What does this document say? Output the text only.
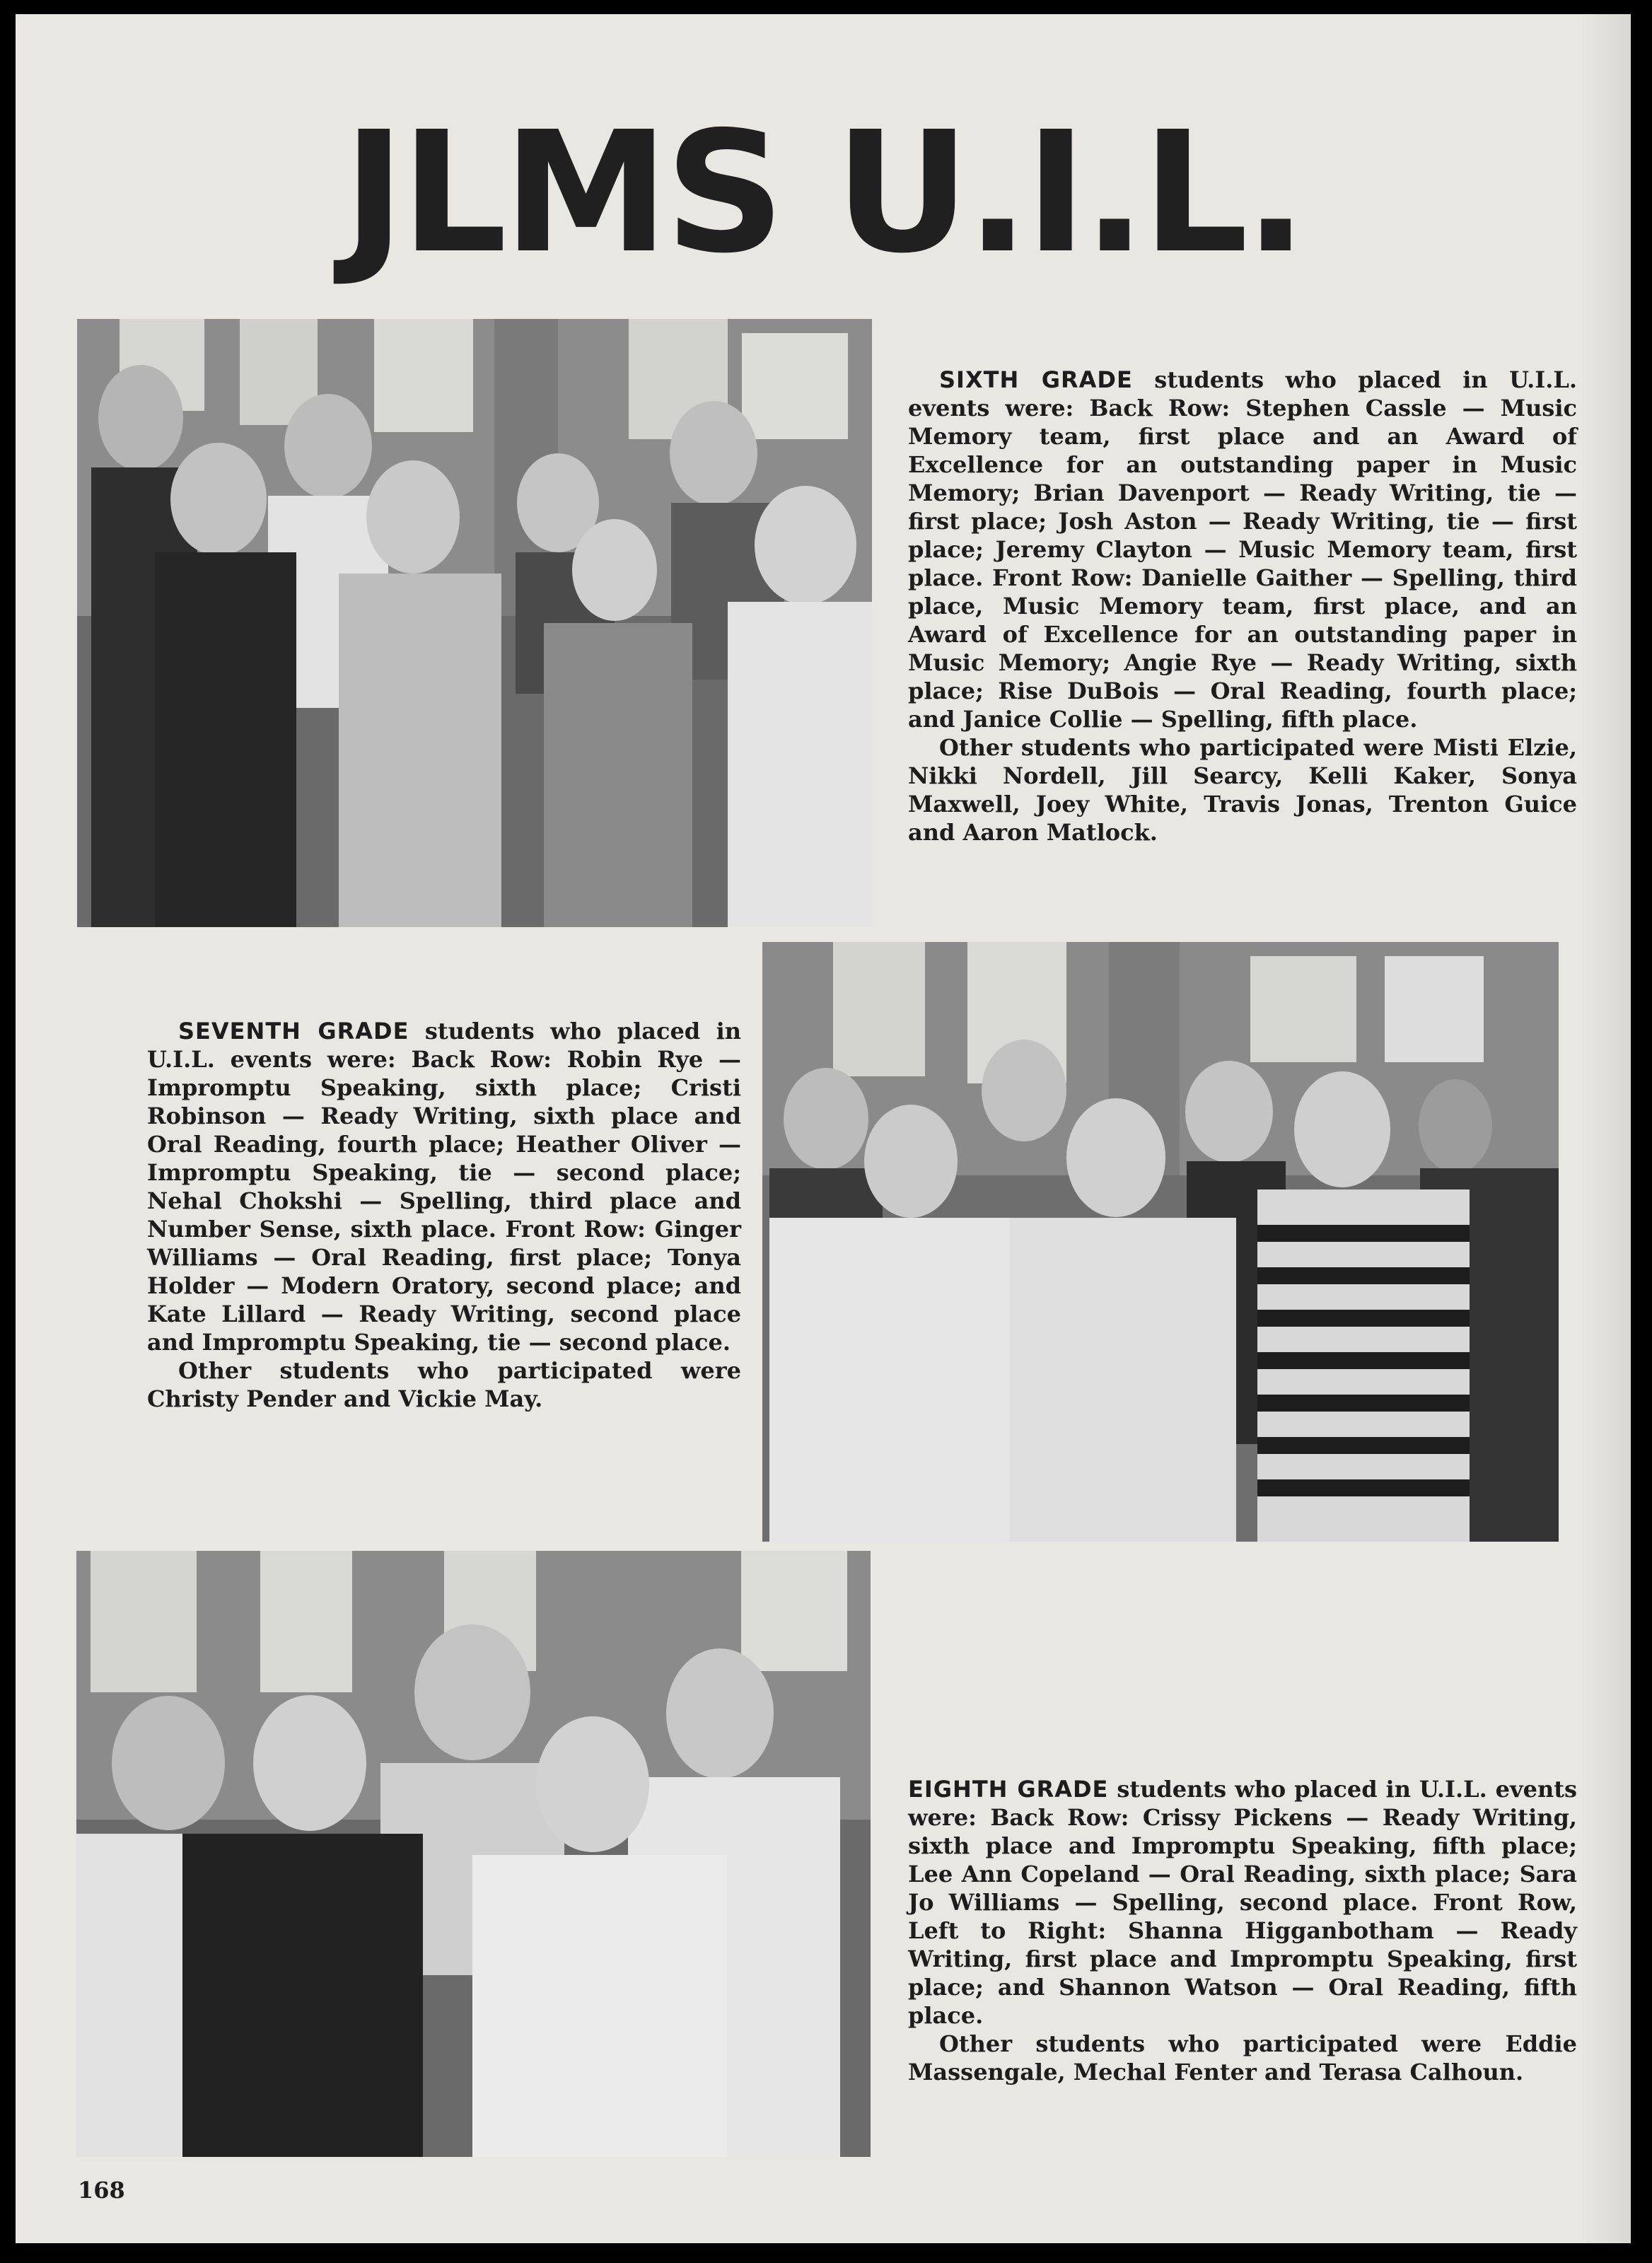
JLMS U.I.L.

SIXTH GRADE students who placed in U.I.L. events were: Back Row: Stephen Cassle — Music Memory team, first place and an Award of Excellence for an outstanding paper in Music Memory; Brian Davenport — Ready Writing, tie — first place; Josh Aston — Ready Writing, tie — first place; Jeremy Clayton — Music Memory team, first place. Front Row: Danielle Gaither — Spelling, third place, Music Memory team, first place, and an Award of Excellence for an outstanding paper in Music Memory; Angie Rye — Ready Writing, sixth place; Rise DuBois — Oral Reading, fourth place; and Janice Collie — Spelling, fifth place.

Other students who participated were Misti Elzie, Nikki Nordell, Jill Searcy, Kelli Kaker, Sonya Maxwell, Joey White, Travis Jonas, Trenton Guice and Aaron Matlock.

SEVENTH GRADE students who placed in U.I.L. events were: Back Row: Robin Rye — Impromptu Speaking, sixth place; Cristi Robinson — Ready Writing, sixth place and Oral Reading, fourth place; Heather Oliver — Impromptu Speaking, tie — second place; Nehal Chokshi — Spelling, third place and Number Sense, sixth place. Front Row: Ginger Williams — Oral Reading, first place; Tonya Holder — Modern Oratory, second place; and Kate Lillard — Ready Writing, second place and Impromptu Speaking, tie — second place.

Other students who participated were Christy Pender and Vickie May.

EIGHTH GRADE students who placed in U.I.L. events were: Back Row: Crissy Pickens — Ready Writing, sixth place and Impromptu Speaking, fifth place; Lee Ann Copeland — Oral Reading, sixth place; Sara Jo Williams — Spelling, second place. Front Row, Left to Right: Shanna Higganbotham — Ready Writing, first place and Impromptu Speaking, first place; and Shannon Watson — Oral Reading, fifth place.

Other students who participated were Eddie Massengale, Mechal Fenter and Terasa Calhoun.

168
